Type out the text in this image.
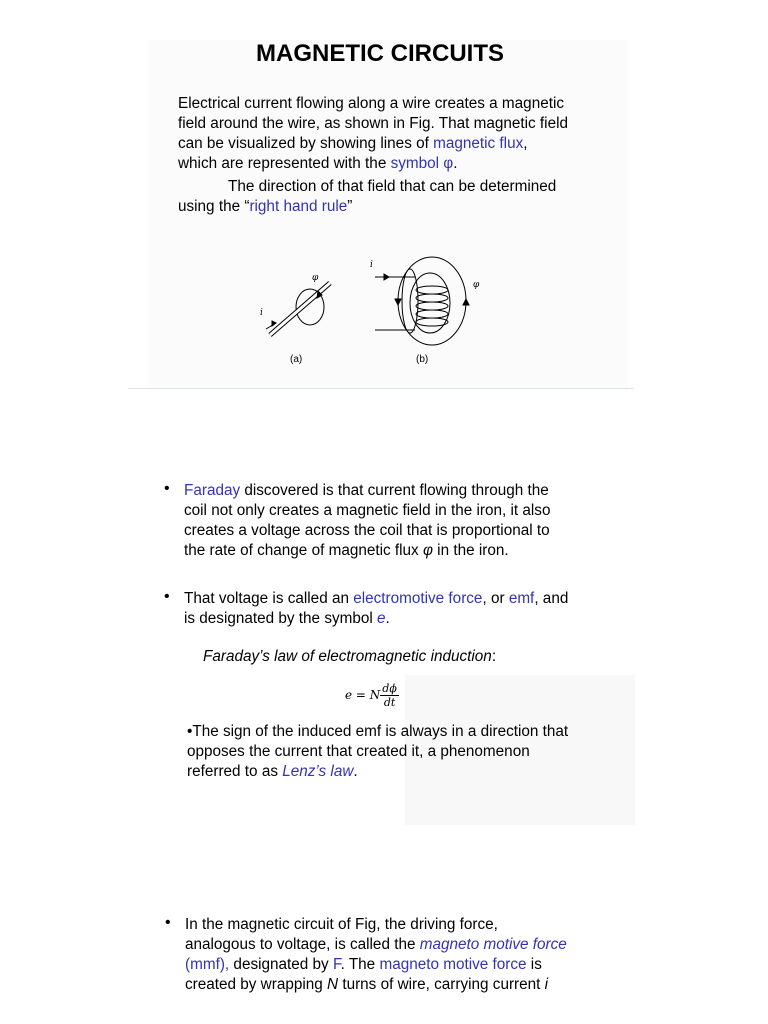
MAGNETIC CIRCUITS
Electrical current flowing along a wire creates a magnetic
field around the wire, as shown in Fig. That magnetic field
can be visualized by showing lines of magnetic flux,
which are represented with the symbol φ.
The direction of that field that can be determined
using the “right hand rule”
i
φ
i
φ
(a)	(b)
• Faraday discovered is that current flowing through the
coil not only creates a magnetic field in the iron, it also
creates a voltage across the coil that is proportional to
the rate of change of magnetic flux φ in the iron.
• That voltage is called an electromotive force, or emf, and
is designated by the symbol e.
Faraday’s law of electromagnetic induction:
e = N $\frac{d\phi}{dt}$
•The sign of the induced emf is always in a direction that
opposes the current that created it, a phenomenon
referred to as Lenz’s law.
• In the magnetic circuit of Fig, the driving force,
analogous to voltage, is called the magneto motive force
(mmf), designated by F. The magneto motive force is
created by wrapping N turns of wire, carrying current i
